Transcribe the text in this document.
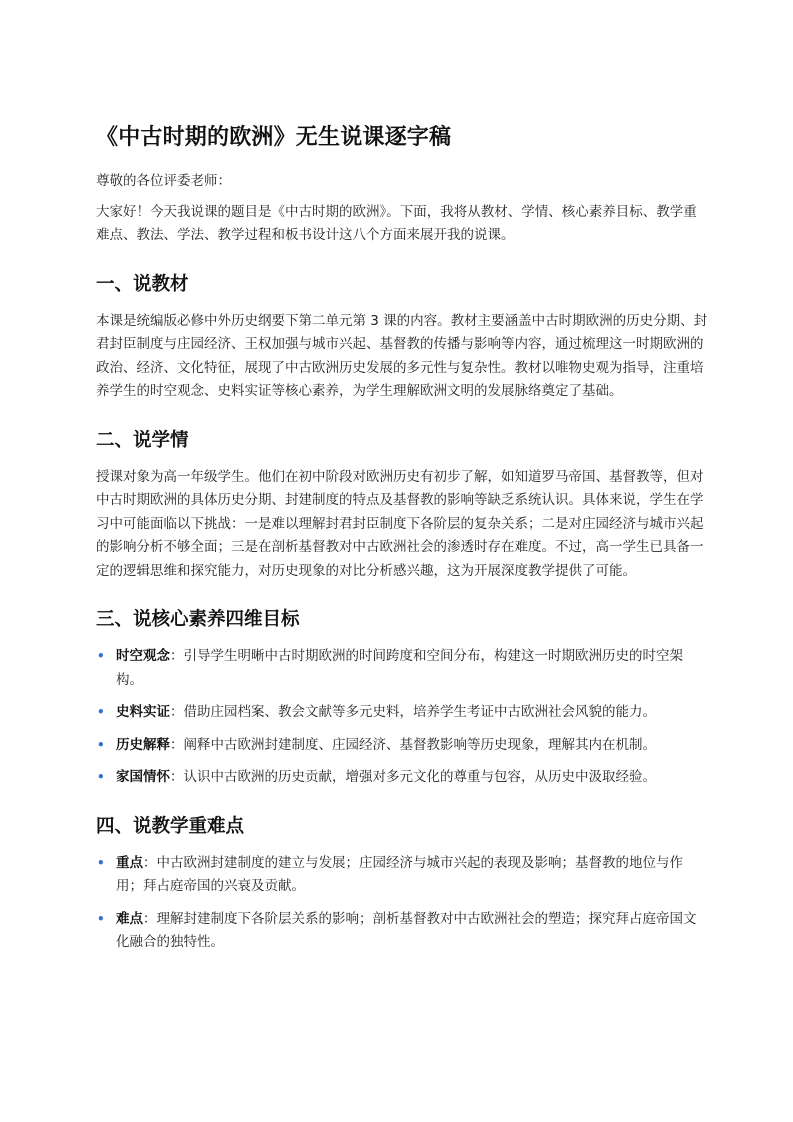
《中古时期的欧洲》无生说课逐字稿

尊敬的各位评委老师：

大家好！今天我说课的题目是《中古时期的欧洲》。下面，我将从教材、学情、核心素养目标、教学重难点、教法、学法、教学过程和板书设计这八个方面来展开我的说课。

一、说教材

本课是统编版必修中外历史纲要下第二单元第 3 课的内容。教材主要涵盖中古时期欧洲的历史分期、封君封臣制度与庄园经济、王权加强与城市兴起、基督教的传播与影响等内容，通过梳理这一时期欧洲的政治、经济、文化特征，展现了中古欧洲历史发展的多元性与复杂性。教材以唯物史观为指导，注重培养学生的时空观念、史料实证等核心素养，为学生理解欧洲文明的发展脉络奠定了基础。

二、说学情

授课对象为高一年级学生。他们在初中阶段对欧洲历史有初步了解，如知道罗马帝国、基督教等，但对中古时期欧洲的具体历史分期、封建制度的特点及基督教的影响等缺乏系统认识。具体来说，学生在学习中可能面临以下挑战：一是难以理解封君封臣制度下各阶层的复杂关系；二是对庄园经济与城市兴起的影响分析不够全面；三是在剖析基督教对中古欧洲社会的渗透时存在难度。不过，高一学生已具备一定的逻辑思维和探究能力，对历史现象的对比分析感兴趣，这为开展深度教学提供了可能。

三、说核心素养四维目标
• 时空观念：引导学生明晰中古时期欧洲的时间跨度和空间分布，构建这一时期欧洲历史的时空架构。
• 史料实证：借助庄园档案、教会文献等多元史料，培养学生考证中古欧洲社会风貌的能力。
• 历史解释：阐释中古欧洲封建制度、庄园经济、基督教影响等历史现象，理解其内在机制。
• 家国情怀：认识中古欧洲的历史贡献，增强对多元文化的尊重与包容，从历史中汲取经验。
四、说教学重难点
• 重点：中古欧洲封建制度的建立与发展；庄园经济与城市兴起的表现及影响；基督教的地位与作用；拜占庭帝国的兴衰及贡献。
• 难点：理解封建制度下各阶层关系的影响；剖析基督教对中古欧洲社会的塑造；探究拜占庭帝国文化融合的独特性。
